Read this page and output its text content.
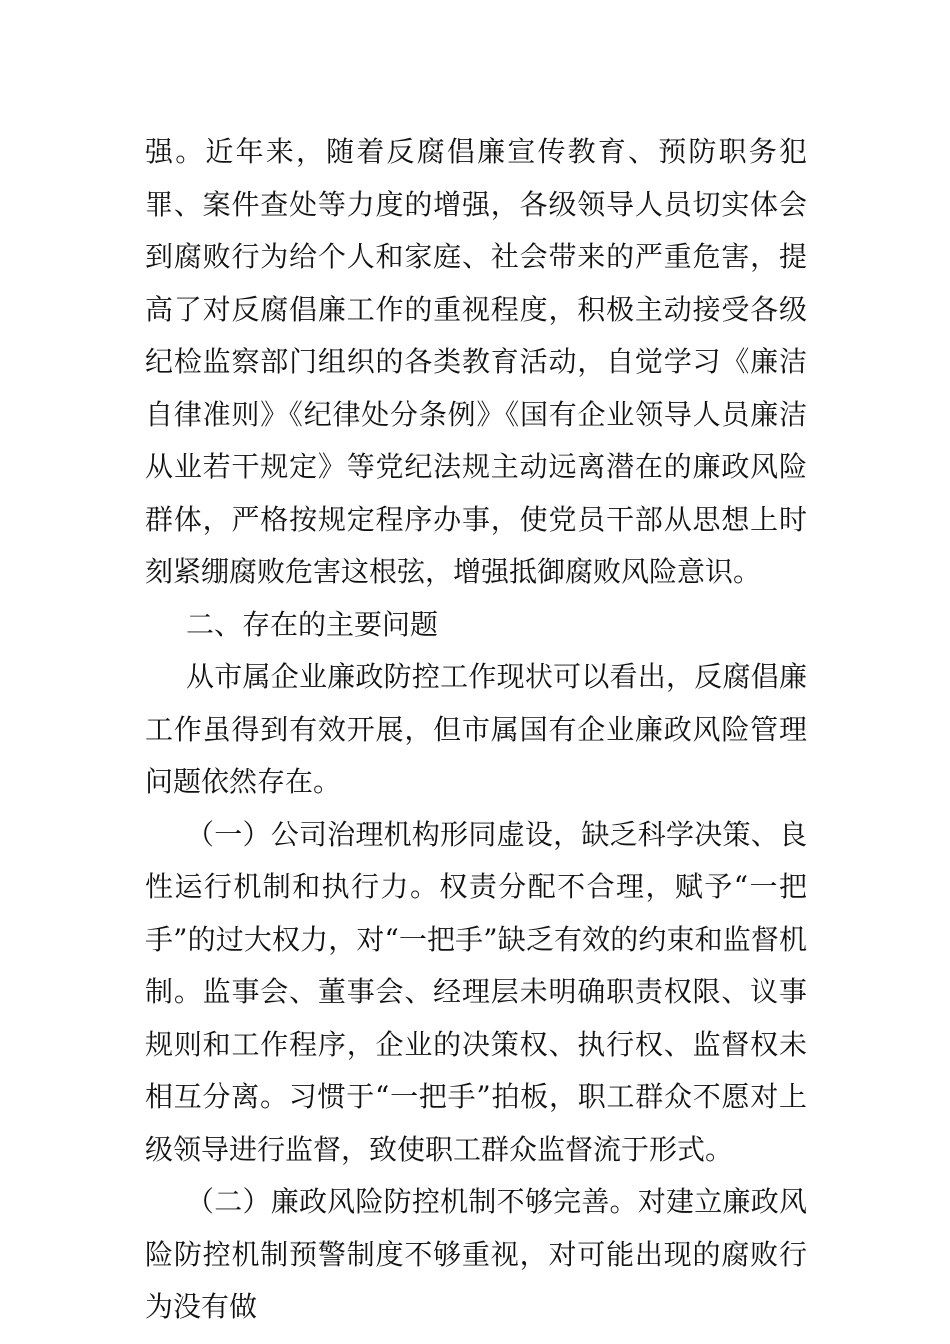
强。近年来，随着反腐倡廉宣传教育、预防职务犯罪、案件查处等力度的增强，各级领导人员切实体会到腐败行为给个人和家庭、社会带来的严重危害，提高了对反腐倡廉工作的重视程度，积极主动接受各级纪检监察部门组织的各类教育活动，自觉学习《廉洁自律准则》《纪律处分条例》《国有企业领导人员廉洁从业若干规定》等党纪法规主动远离潜在的廉政风险群体，严格按规定程序办事，使党员干部从思想上时刻紧绷腐败危害这根弦，增强抵御腐败风险意识。

二、存在的主要问题

从市属企业廉政防控工作现状可以看出，反腐倡廉工作虽得到有效开展，但市属国有企业廉政风险管理问题依然存在。

（一）公司治理机构形同虚设，缺乏科学决策、良性运行机制和执行力。权责分配不合理，赋予“一把手”的过大权力，对“一把手”缺乏有效的约束和监督机制。监事会、董事会、经理层未明确职责权限、议事规则和工作程序，企业的决策权、执行权、监督权未相互分离。习惯于“一把手”拍板，职工群众不愿对上级领导进行监督，致使职工群众监督流于形式。

（二）廉政风险防控机制不够完善。对建立廉政风险防控机制预警制度不够重视，对可能出现的腐败行为没有做
